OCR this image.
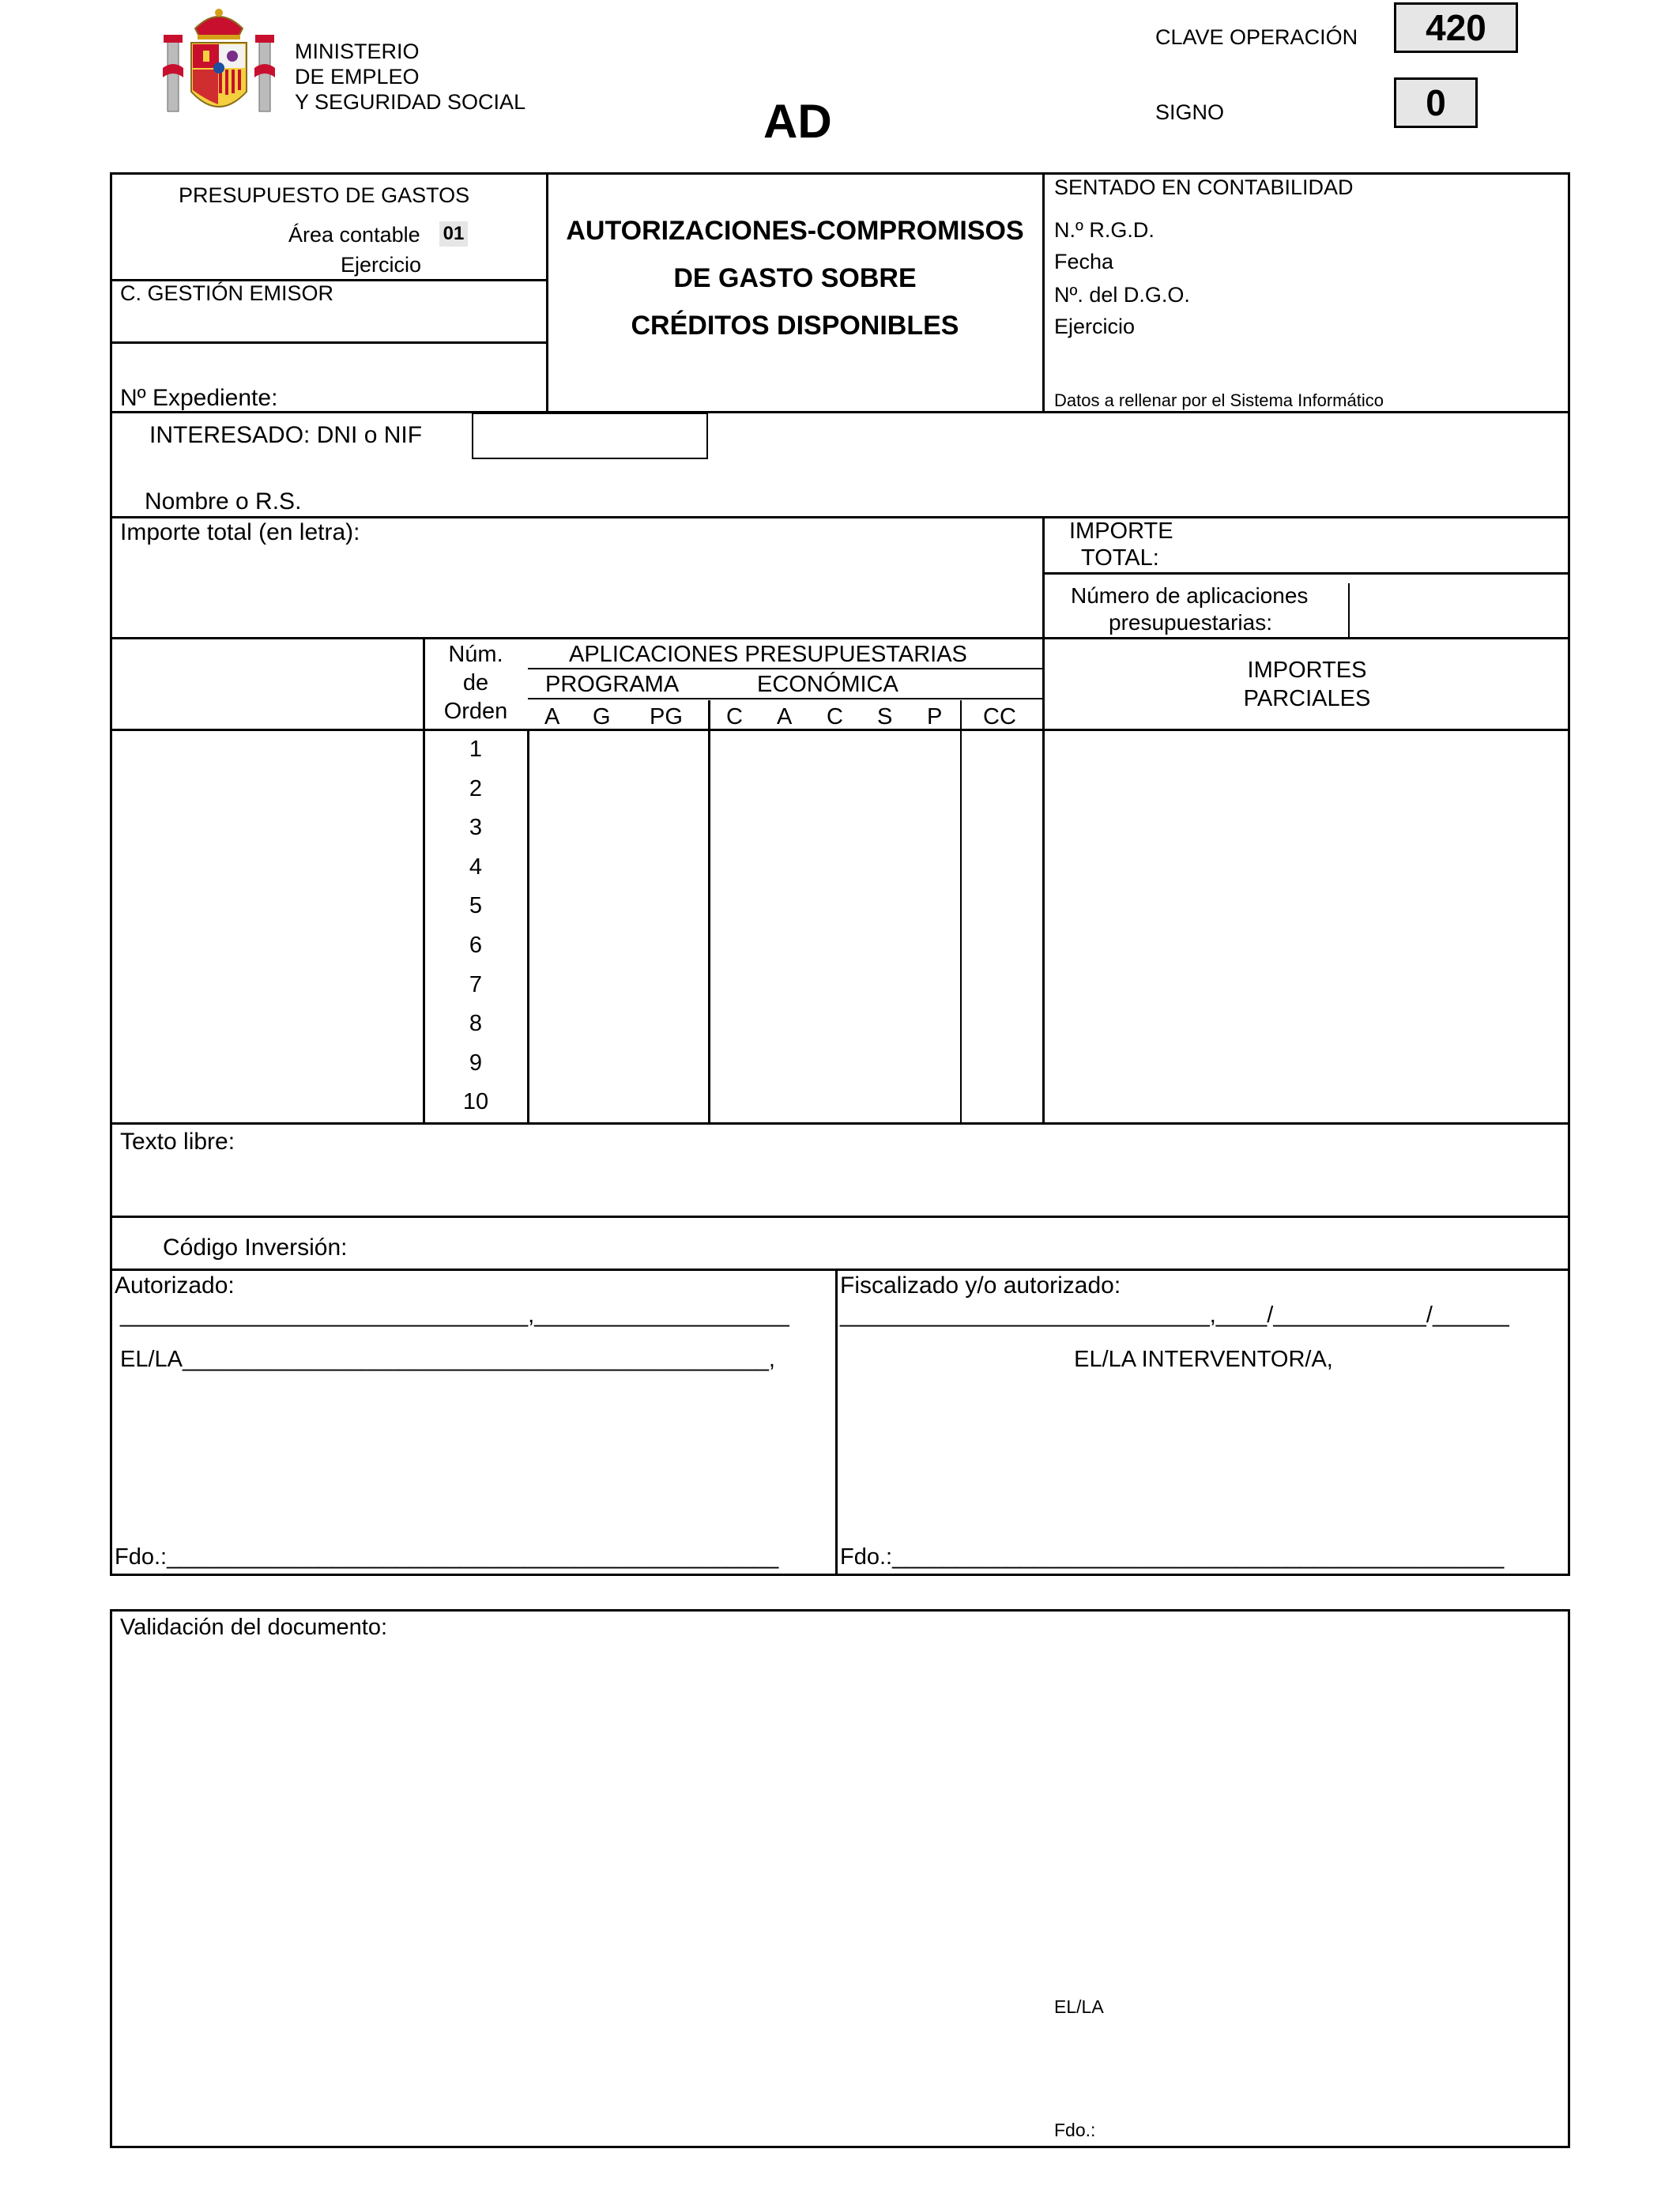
MINISTERIO
DE EMPLEO
Y SEGURIDAD SOCIAL	AD
CLAVE OPERACIÓN	420
SIGNO	0
PRESUPUESTO DE GASTOS
Área contable 01
Ejercicio
C. GESTIÓN EMISOR
Nº Expediente:
AUTORIZACIONES-COMPROMISOS
DE GASTO SOBRE
CRÉDITOS DISPONIBLES
SENTADO EN CONTABILIDAD
N.º R.G.D.
Fecha
Nº. del D.G.O.
Ejercicio
Datos a rellenar por el Sistema Informático
INTERESADO: DNI o NIF
Nombre o R.S.
Importe total (en letra):	IMPORTE
TOTAL:
Número de aplicaciones
presupuestarias:
Núm.
de
Orden
APLICACIONES PRESUPUESTARIAS
PROGRAMA	ECONÓMICA
A G PG C A C S P CC
IMPORTES
PARCIALES
1
2
3
4
5
6
7
8
9
10
Texto libre:
Código Inversión:
Autorizado:
________________________________,____________________
EL/LA______________________________________________,
Fdo.:________________________________________________
Fiscalizado y/o autorizado:
_____________________________,____/____________/______
EL/LA INTERVENTOR/A,
Fdo.:________________________________________________
Validación del documento:
EL/LA
Fdo.:
